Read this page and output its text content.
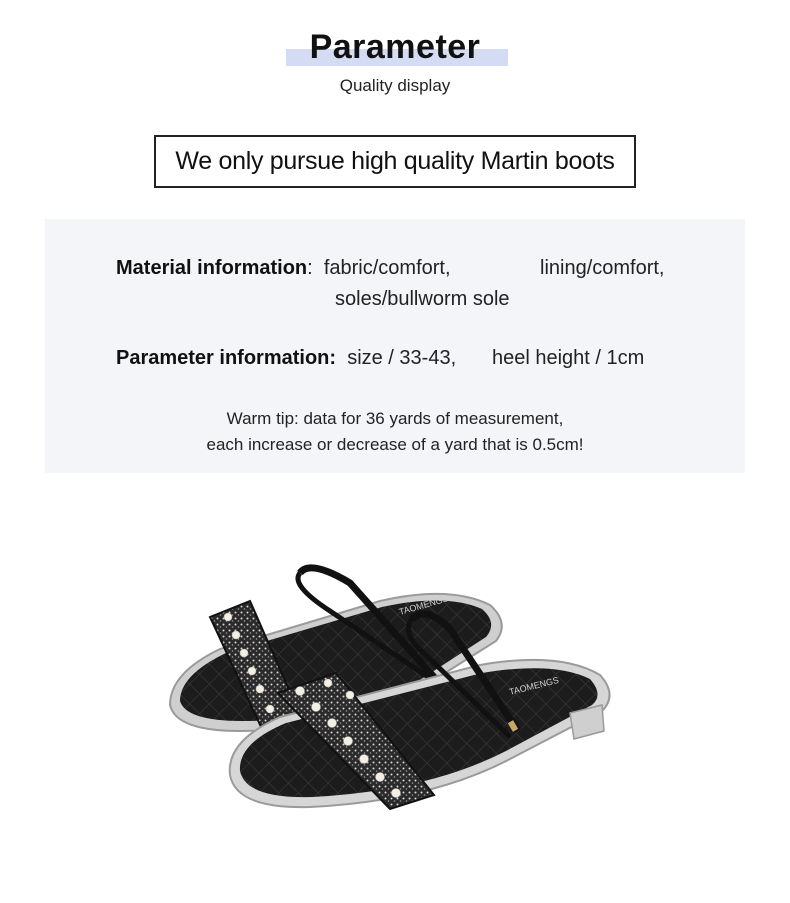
Parameter
Quality display
We only pursue high quality Martin boots
Material information: fabric/comfort,	lining/comfort,
soles/bullworm sole
Parameter information: size / 33-43, heel height / 1cm
Warm tip: data for 36 yards of measurement,
each increase or decrease of a yard that is 0.5cm!
TAOMENGS
TAOMENGS
